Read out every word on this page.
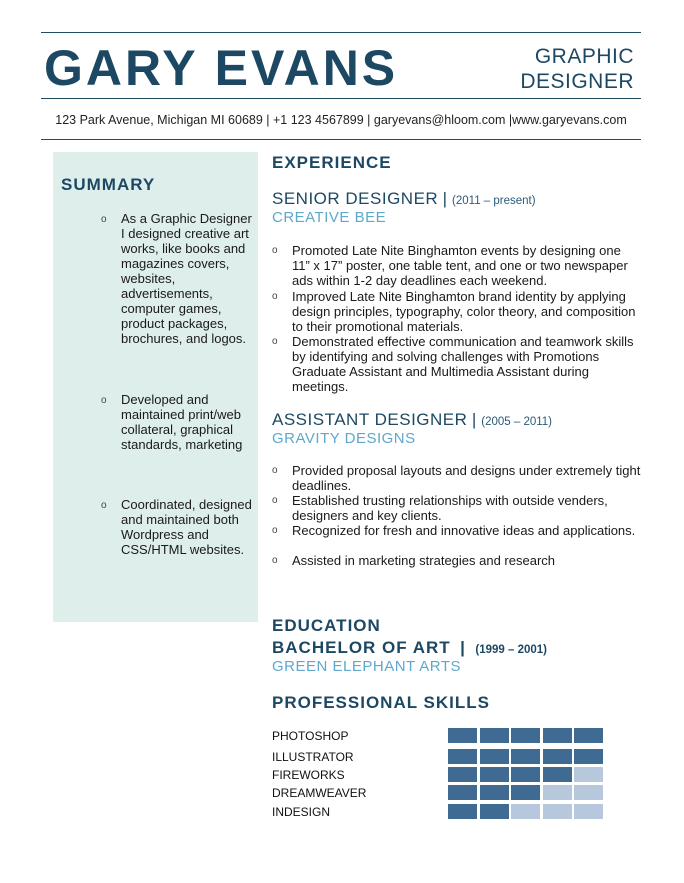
GARY EVANS	GRAPHIC
DESIGNER
123 Park Avenue, Michigan MI 60689 | +1 123 4567899 | garyevans@hloom.com |www.garyevans.com
SUMMARY
o As a Graphic Designer I designed creative art works, like books and magazines covers, websites, advertisements, computer games, product packages, brochures, and logos.
o Developed and maintained print/web collateral, graphical standards, marketing
o Coordinated, designed and maintained both Wordpress and CSS/HTML websites.
EXPERIENCE
SENIOR DESIGNER | (2011 – present)
CREATIVE BEE
o	Promoted Late Nite Binghamton events by designing one 11” x 17” poster, one table tent, and one or two newspaper ads within 1-2 day deadlines each weekend.
o	Improved Late Nite Binghamton brand identity by applying design principles, typography, color theory, and composition to their promotional materials.
o	Demonstrated effective communication and teamwork skills by identifying and solving challenges with Promotions Graduate Assistant and Multimedia Assistant during meetings.
ASSISTANT DESIGNER | (2005 – 2011)
GRAVITY DESIGNS
o	Provided proposal layouts and designs under extremely tight deadlines.
o	Established trusting relationships with outside venders, designers and key clients.
o	Recognized for fresh and innovative ideas and applications.
o	Assisted in marketing strategies and research
EDUCATION
BACHELOR OF ART | (1999 – 2001)
GREEN ELEPHANT ARTS
PROFESSIONAL SKILLS
PHOTOSHOP
ILLUSTRATOR
FIREWORKS
DREAMWEAVER
INDESIGN
